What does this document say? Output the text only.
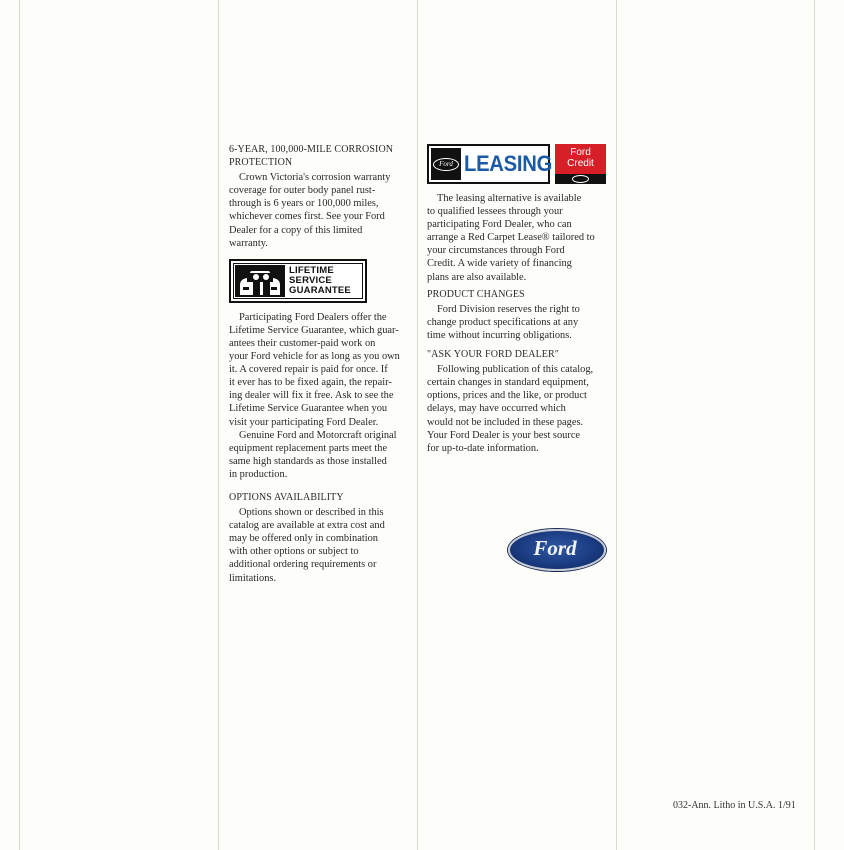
6-YEAR, 100,000-MILE CORROSION
PROTECTION
Crown Victoria's corrosion warranty
coverage for outer body panel rust-
through is 6 years or 100,000 miles,
whichever comes first. See your Ford
Dealer for a copy of this limited
warranty.
LIFETIME
SERVICE
GUARANTEE
Participating Ford Dealers offer the
Lifetime Service Guarantee, which guar-
antees their customer-paid work on
your Ford vehicle for as long as you own
it. A covered repair is paid for once. If
it ever has to be fixed again, the repair-
ing dealer will fix it free. Ask to see the
Lifetime Service Guarantee when you
visit your participating Ford Dealer.
Genuine Ford and Motorcraft original
equipment replacement parts meet the
same high standards as those installed
in production.
OPTIONS AVAILABILITY
Options shown or described in this
catalog are available at extra cost and
may be offered only in combination
with other options or subject to
additional ordering requirements or
limitations.
Ford LEASING	Ford
Credit
The leasing alternative is available
to qualified lessees through your
participating Ford Dealer, who can
arrange a Red Carpet Lease® tailored to
your circumstances through Ford
Credit. A wide variety of financing
plans are also available.
PRODUCT CHANGES
Ford Division reserves the right to
change product specifications at any
time without incurring obligations.
"ASK YOUR FORD DEALER"
Following publication of this catalog,
certain changes in standard equipment,
options, prices and the like, or product
delays, may have occurred which
would not be included in these pages.
Your Ford Dealer is your best source
for up-to-date information.
Ford
032-Ann. Litho in U.S.A. 1/91
